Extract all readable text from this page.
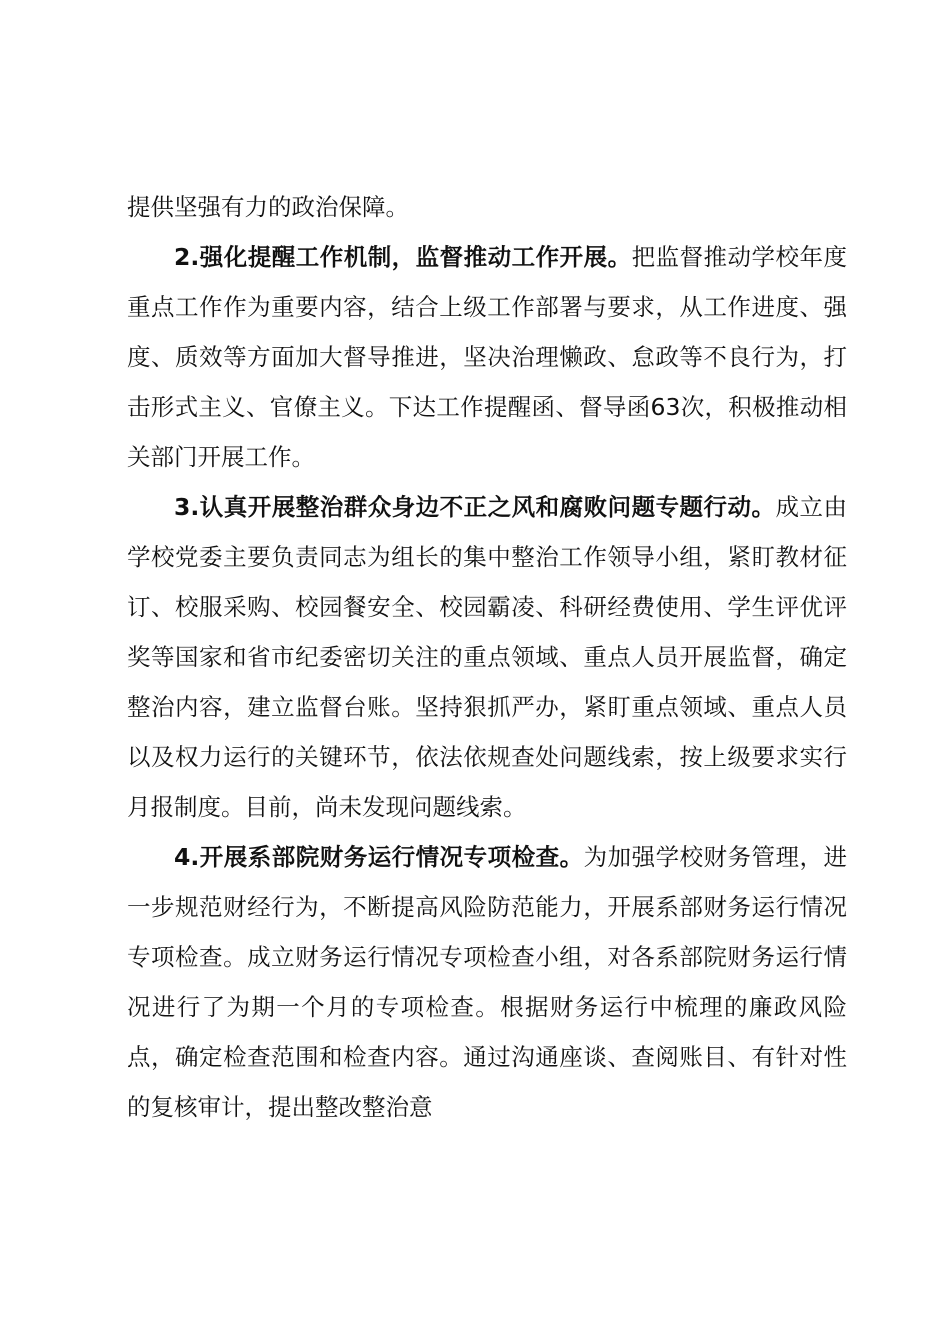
提供坚强有力的政治保障。

2.强化提醒工作机制，监督推动工作开展。把监督推动学校年度重点工作作为重要内容，结合上级工作部署与要求，从工作进度、强度、质效等方面加大督导推进，坚决治理懒政、怠政等不良行为，打击形式主义、官僚主义。下达工作提醒函、督导函63次，积极推动相关部门开展工作。

3.认真开展整治群众身边不正之风和腐败问题专题行动。成立由学校党委主要负责同志为组长的集中整治工作领导小组，紧盯教材征订、校服采购、校园餐安全、校园霸凌、科研经费使用、学生评优评奖等国家和省市纪委密切关注的重点领域、重点人员开展监督，确定整治内容，建立监督台账。坚持狠抓严办，紧盯重点领域、重点人员以及权力运行的关键环节，依法依规查处问题线索，按上级要求实行月报制度。目前，尚未发现问题线索。

4.开展系部院财务运行情况专项检查。为加强学校财务管理，进一步规范财经行为，不断提高风险防范能力，开展系部财务运行情况专项检查。成立财务运行情况专项检查小组，对各系部院财务运行情况进行了为期一个月的专项检查。根据财务运行中梳理的廉政风险点，确定检查范围和检查内容。通过沟通座谈、查阅账目、有针对性的复核审计，提出整改整治意
